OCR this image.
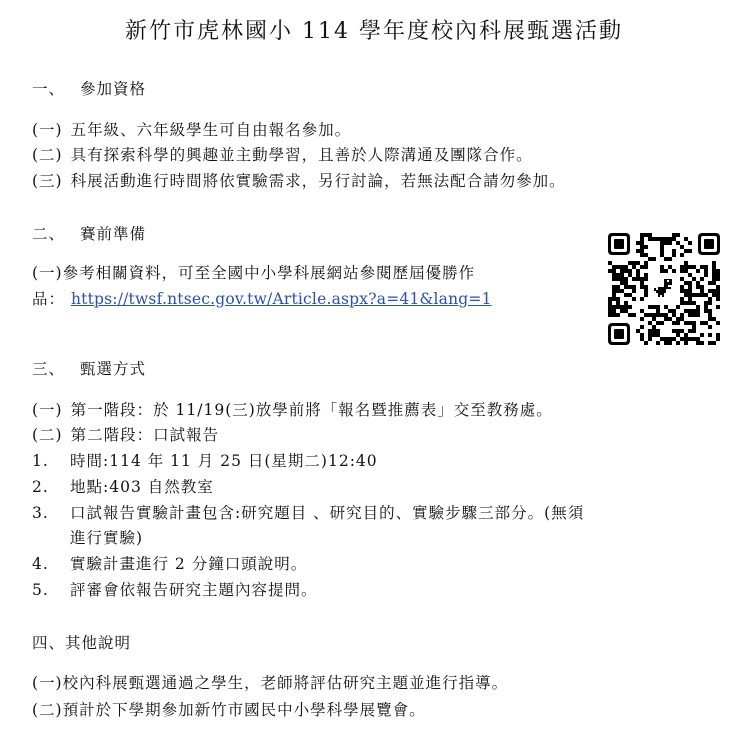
新竹市虎林國小 114 學年度校內科展甄選活動
一、 參加資格
(一) 五年級、六年級學生可自由報名參加。
(二) 具有探索科學的興趣並主動學習，且善於人際溝通及團隊合作。
(三) 科展活動進行時間將依實驗需求，另行討論，若無法配合請勿參加。
二、 賽前準備
(一)參考相關資料，可至全國中小學科展網站參閱歷屆優勝作
品： https://twsf.ntsec.gov.tw/Article.aspx?a=41&lang=1
三、 甄選方式
(一) 第一階段：於 11/19(三)放學前將「報名暨推薦表」交至教務處。
(二) 第二階段：口試報告
1. 時間:114 年 11 月 25 日(星期二)12:40
2. 地點:403 自然教室
3. 口試報告實驗計畫包含:研究題目 、研究目的、實驗步驟三部分。(無須
進行實驗)
4. 實驗計畫進行 2 分鐘口頭說明。
5. 評審會依報告研究主題內容提問。
四、其他說明
(一)校內科展甄選通過之學生，老師將評估研究主題並進行指導。
(二)預計於下學期參加新竹市國民中小學科學展覽會。
